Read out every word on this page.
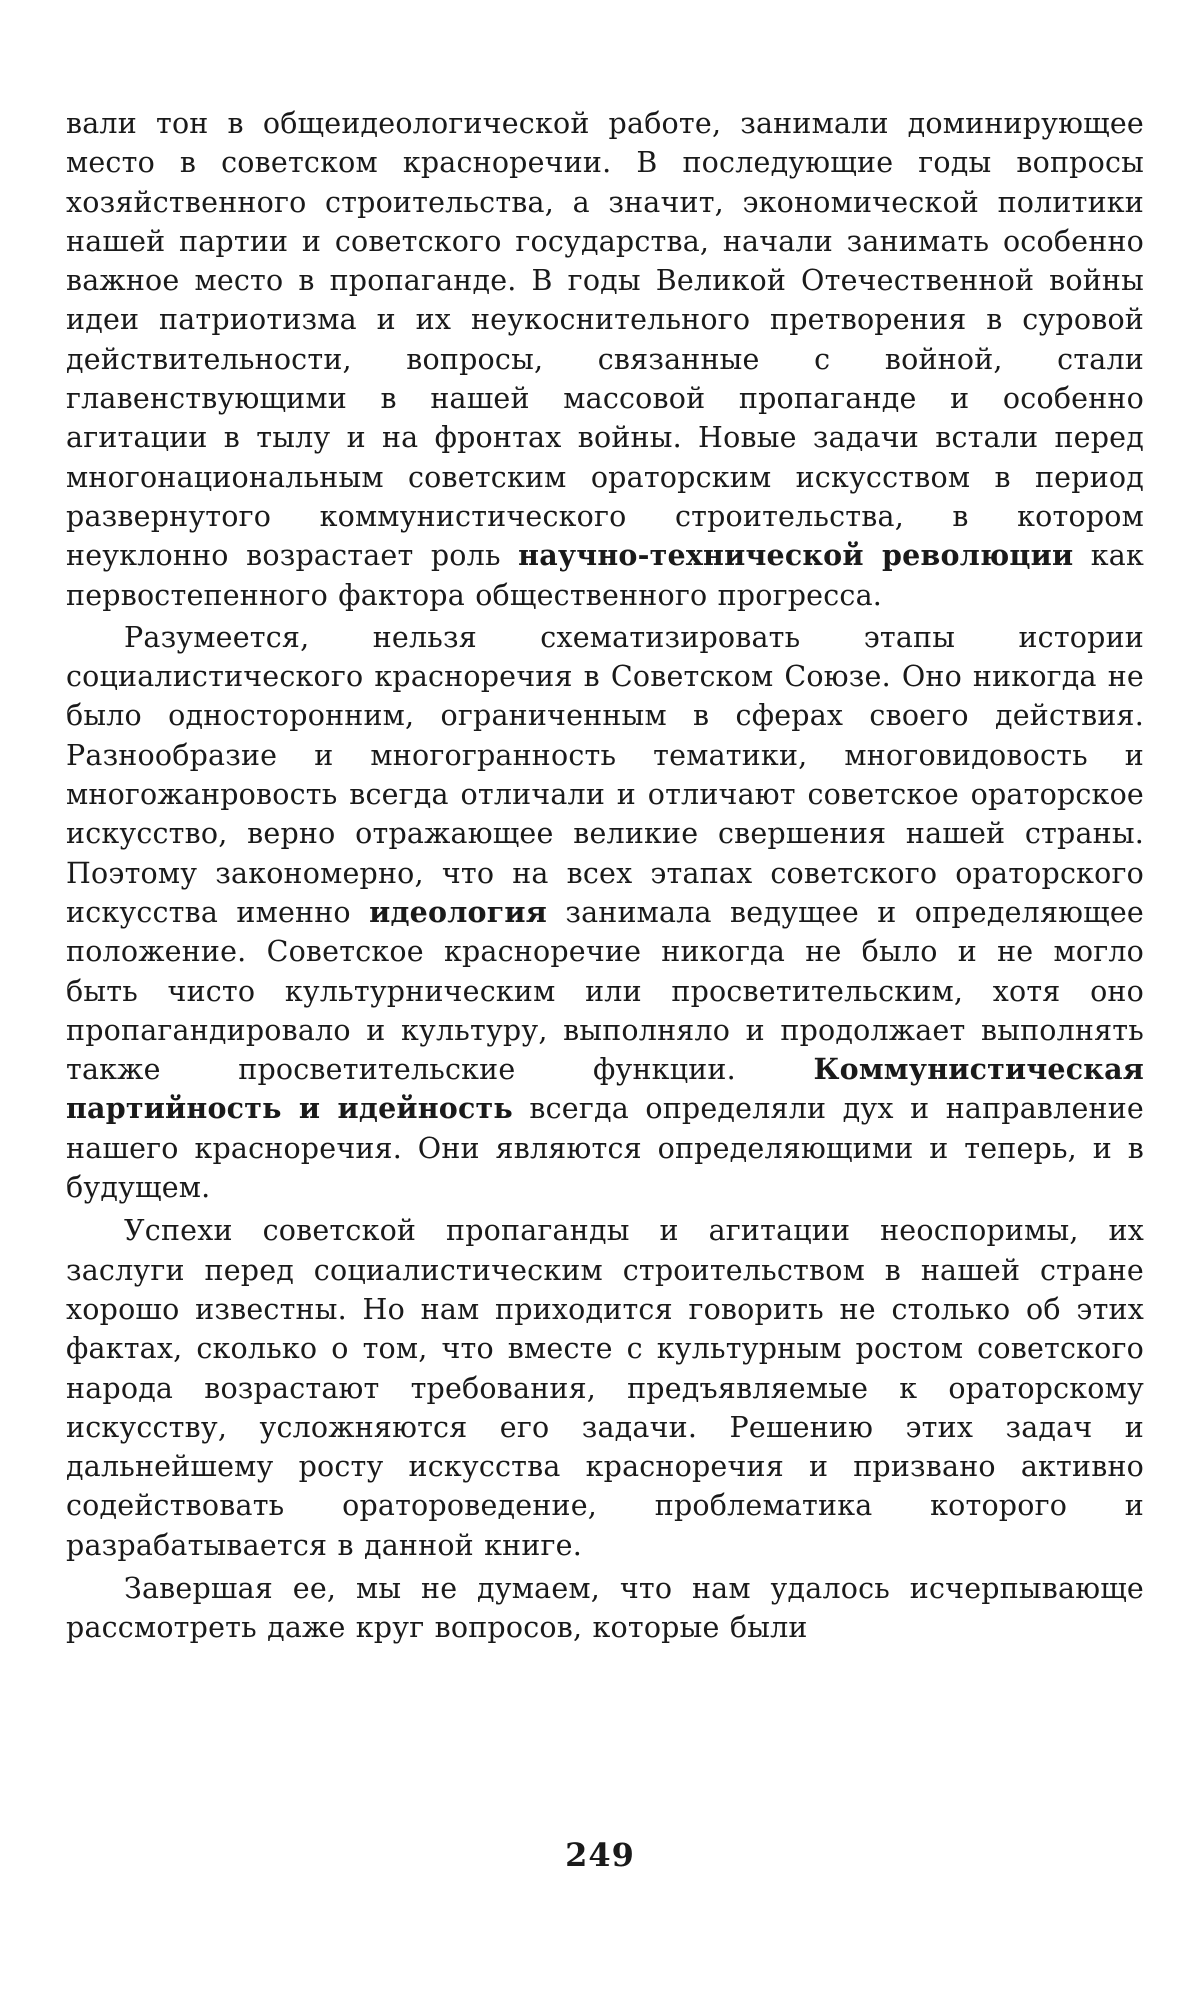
вали тон в общеидеологической работе, занимали доминирующее место в советском красноречии. В последующие годы вопросы хозяйственного строительства, а значит, экономической политики нашей партии и советского государства, начали занимать особенно важное место в пропаганде. В годы Великой Отечественной войны идеи патриотизма и их неукоснительного претворения в суровой действительности, вопросы, связанные с войной, стали главенствующими в нашей массовой пропаганде и особенно агитации в тылу и на фронтах войны. Новые задачи встали перед многонациональным советским ораторским искусством в период развернутого коммунистического строительства, в котором неуклонно возрастает роль научно-технической революции как первостепенного фактора общественного прогресса.

Разумеется, нельзя схематизировать этапы истории социалистического красноречия в Советском Союзе. Оно никогда не было односторонним, ограниченным в сферах своего действия. Разнообразие и многогранность тематики, многовидовость и многожанровость всегда отличали и отличают советское ораторское искусство, верно отражающее великие свершения нашей страны. Поэтому закономерно, что на всех этапах советского ораторского искусства именно идеология занимала ведущее и определяющее положение. Советское красноречие никогда не было и не могло быть чисто культурническим или просветительским, хотя оно пропагандировало и культуру, выполняло и продолжает выполнять также просветительские функции. Коммунистическая партийность и идейность всегда определяли дух и направление нашего красноречия. Они являются определяющими и теперь, и в будущем.

Успехи советской пропаганды и агитации неоспоримы, их заслуги перед социалистическим строительством в нашей стране хорошо известны. Но нам приходится говорить не столько об этих фактах, сколько о том, что вместе с культурным ростом советского народа возрастают требования, предъявляемые к ораторскому искусству, усложняются его задачи. Решению этих задач и дальнейшему росту искусства красноречия и призвано активно содействовать оратороведение, проблематика которого и разрабатывается в данной книге.

Завершая ее, мы не думаем, что нам удалось исчерпывающе рассмотреть даже круг вопросов, которые были

249
